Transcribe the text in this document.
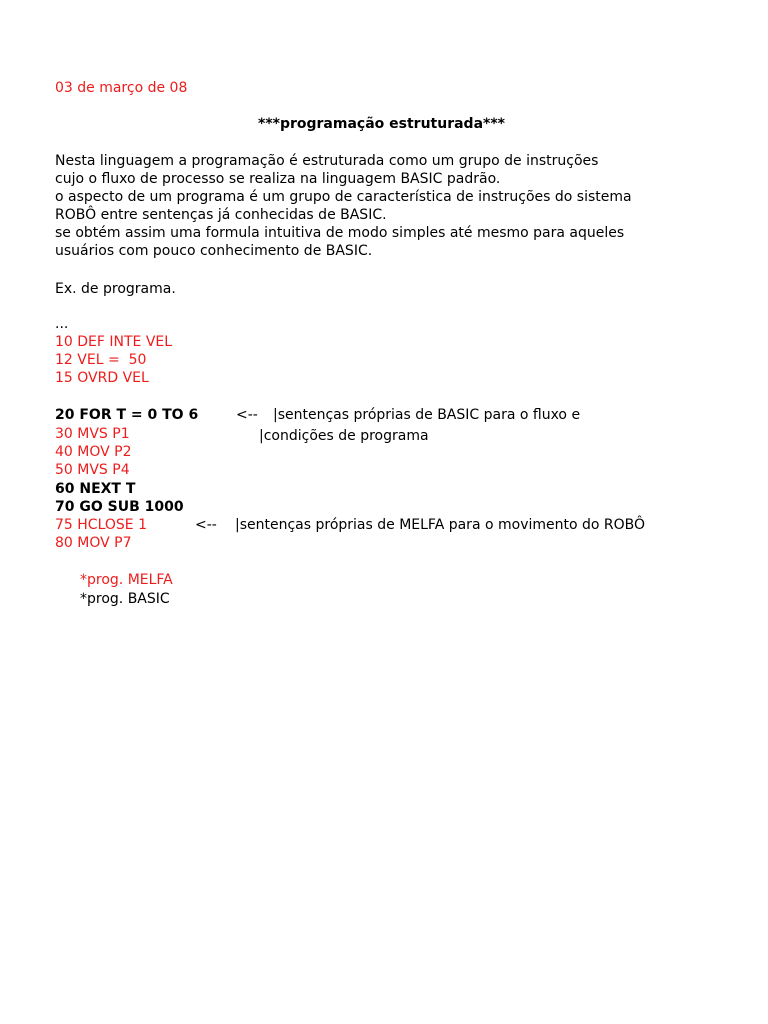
03 de março de 08
***programação estruturada***
Nesta linguagem a programação é estruturada como um grupo de instruções
cujo o fluxo de processo se realiza na linguagem BASIC padrão.
o aspecto de um programa é um grupo de característica de instruções do sistema
ROBÔ entre sentenças já conhecidas de BASIC.
se obtém assim uma formula intuitiva de modo simples até mesmo para aqueles
usuários com pouco conhecimento de BASIC.
Ex. de programa.
...
10 DEF INTE VEL
12 VEL =  50
15 OVRD VEL
20 FOR T = 0 TO 6
30 MVS P1
40 MOV P2
50 MVS P4
60 NEXT T
70 GO SUB 1000
75 HCLOSE 1
80 MOV P7
<-- |sentenças próprias de BASIC para o fluxo e
|condições de programa
<-- |sentenças próprias de MELFA para o movimento do ROBÔ
*prog. MELFA
*prog. BASIC
